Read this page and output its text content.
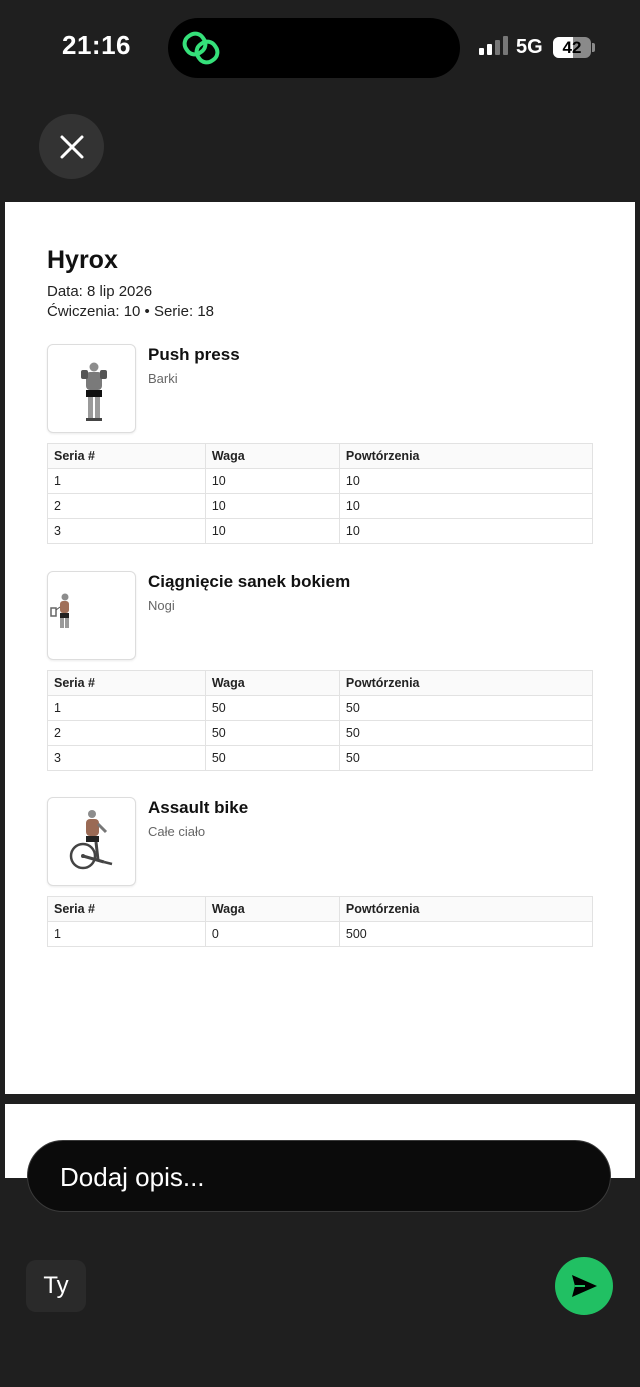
21:16	5G	42
Hyrox
Data: 8 lip 2026
Ćwiczenia: 10 • Serie: 18
Push press
Barki
Seria #	Waga	Powtórzenia
1	10	10
2	10	10
3	10	10
Ciągnięcie sanek bokiem
Nogi
Seria #	Waga	Powtórzenia
1	50	50
2	50	50
3	50	50
Assault bike
Całe ciało
Seria #	Waga	Powtórzenia
1	0	500
Dodaj opis...
Ty
